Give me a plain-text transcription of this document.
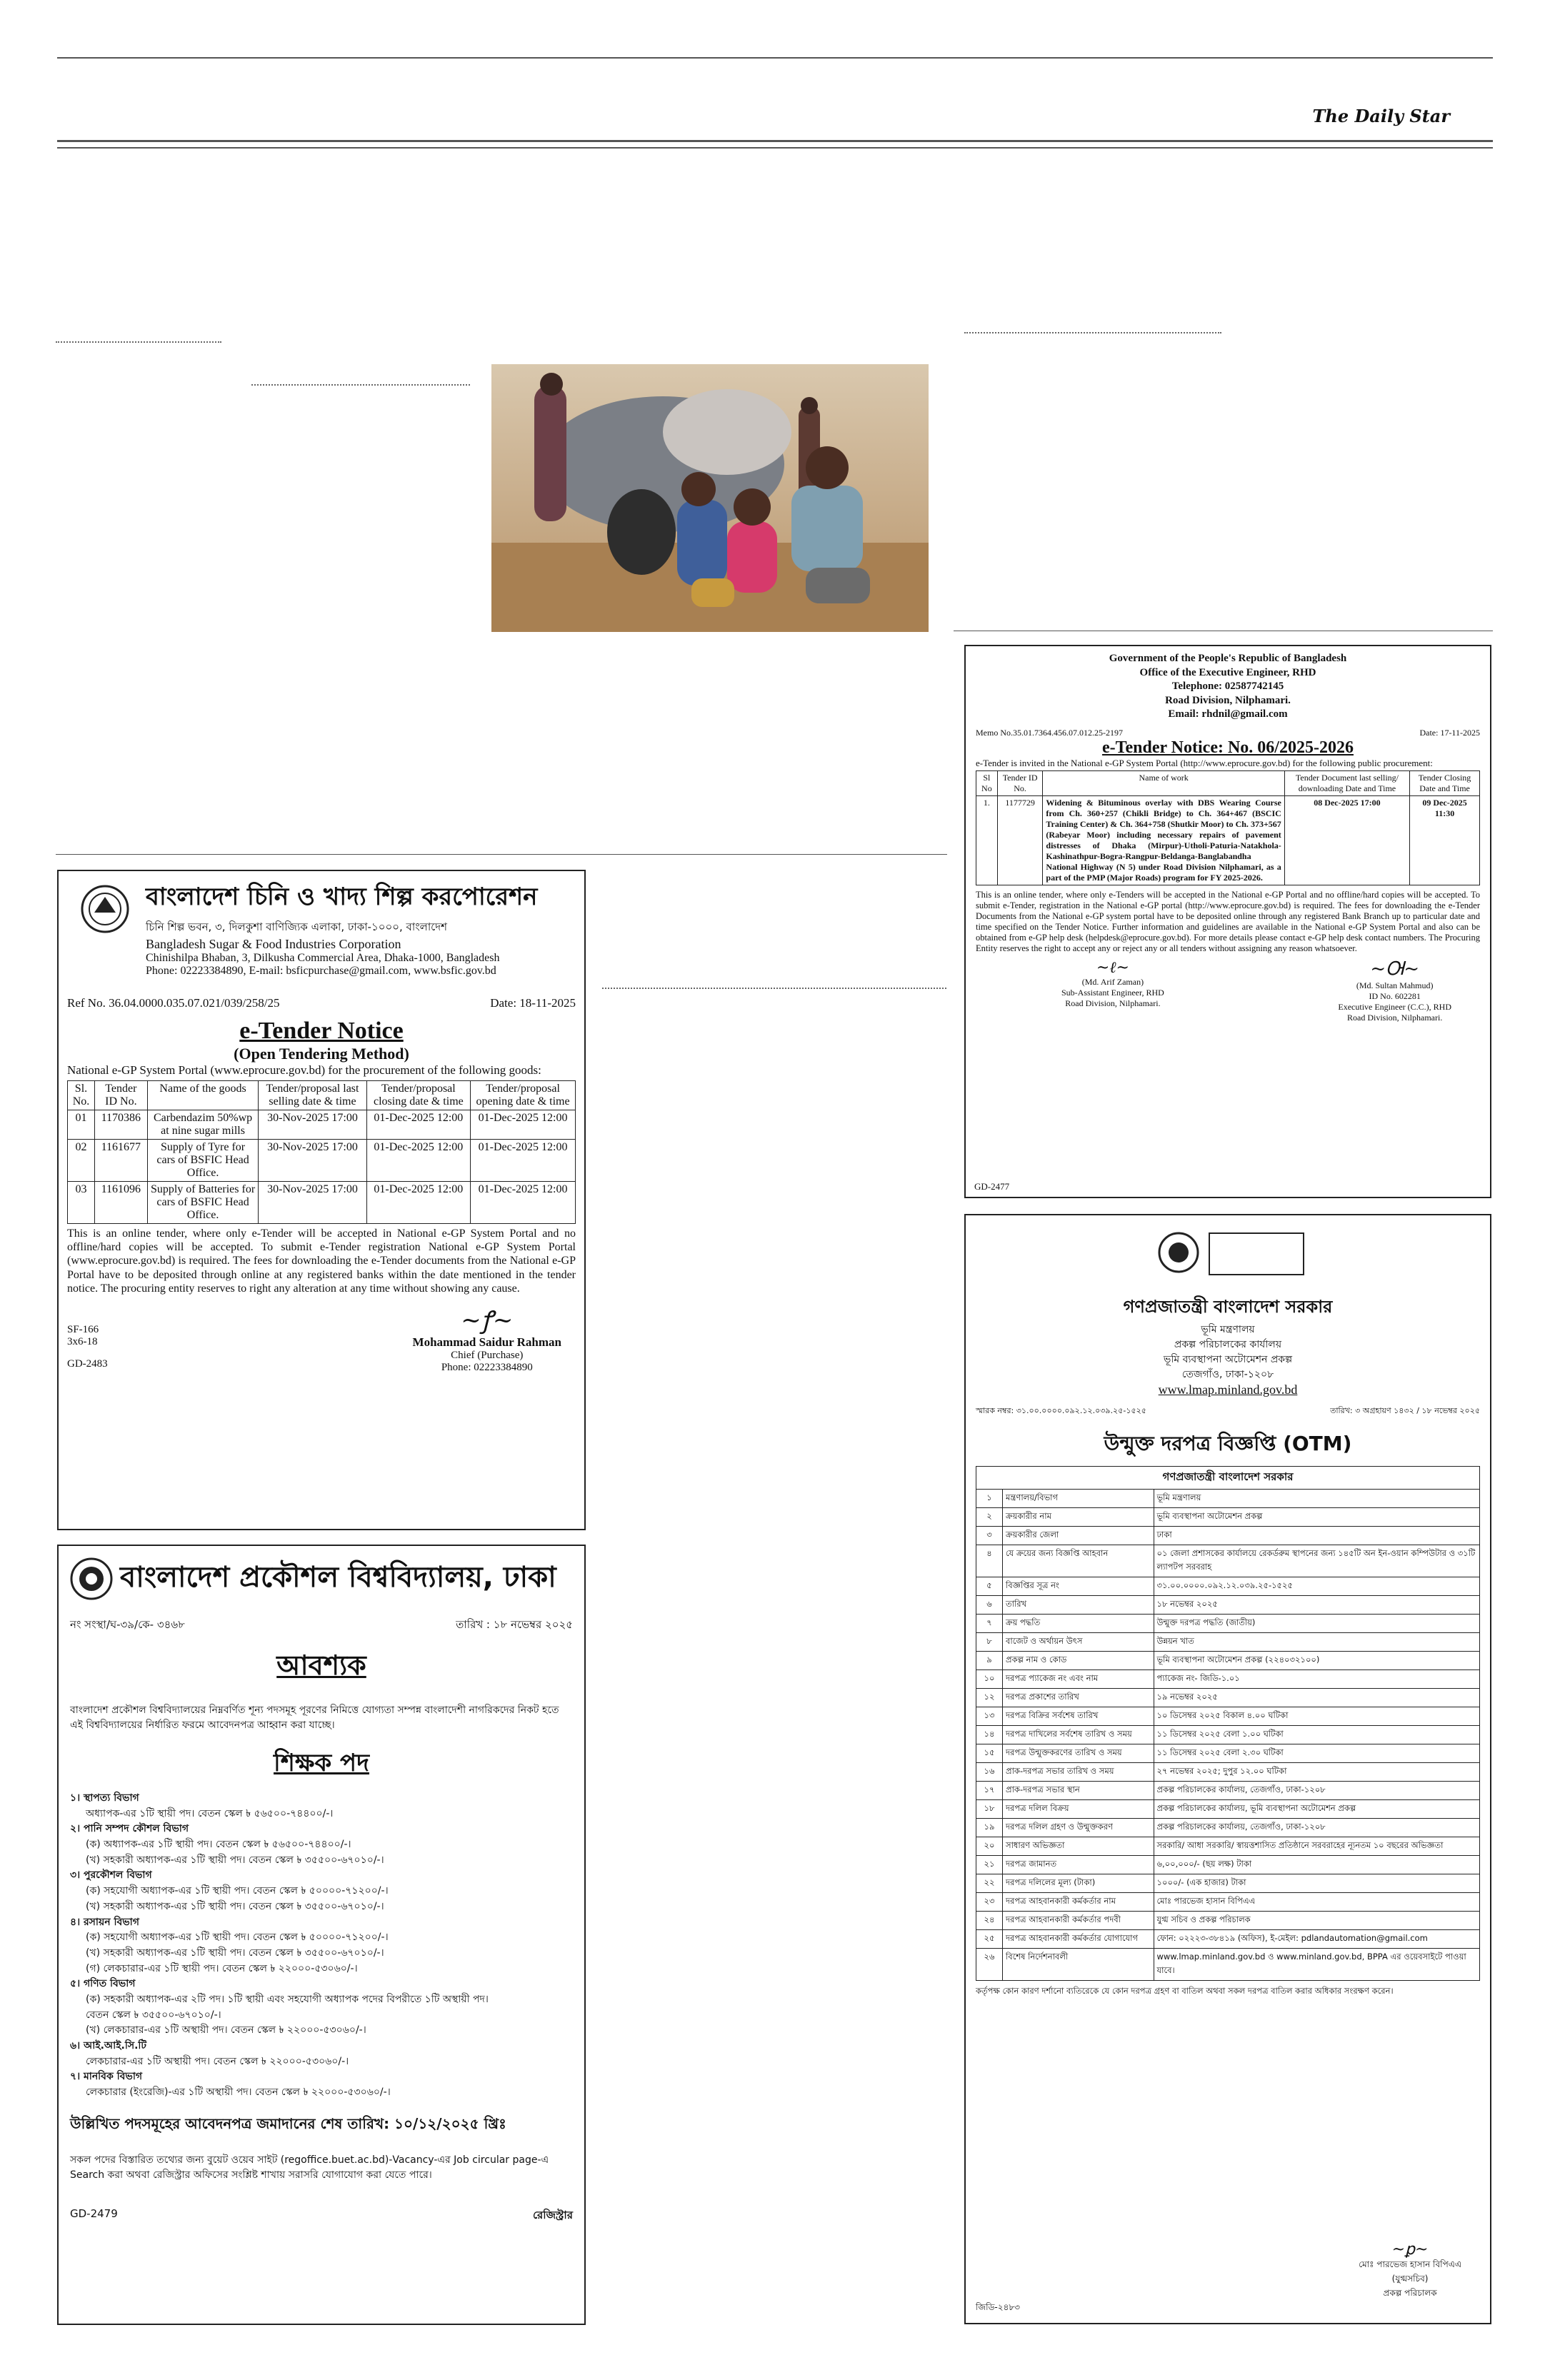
The Daily Star
বাংলাদেশ চিনি ও খাদ্য শিল্প করপোরেশন
চিনি শিল্প ভবন, ৩, দিলকুশা বাণিজ্যিক এলাকা, ঢাকা-১০০০, বাংলাদেশ
Bangladesh Sugar & Food Industries Corporation
Chinishilpa Bhaban, 3, Dilkusha Commercial Area, Dhaka-1000, Bangladesh
Phone: 02223384890, E-mail: bsficpurchase@gmail.com, www.bsfic.gov.bd
Ref No. 36.04.0000.035.07.021/039/258/25	Date: 18-11-2025
e-Tender Notice
(Open Tendering Method)
National e-GP System Portal (www.eprocure.gov.bd) for the procurement of the following goods:
Sl. No.	Tender ID No.	Name of the goods	Tender/proposal last selling date & time	Tender/proposal closing date & time	Tender/proposal opening date & time
01	1170386	Carbendazim 50%wp at nine sugar mills	30-Nov-2025 17:00	01-Dec-2025 12:00	01-Dec-2025 12:00
02	1161677	Supply of Tyre for cars of BSFIC Head Office.	30-Nov-2025 17:00	01-Dec-2025 12:00	01-Dec-2025 12:00
03	1161096	Supply of Batteries for cars of BSFIC Head Office.	30-Nov-2025 17:00	01-Dec-2025 12:00	01-Dec-2025 12:00
This is an online tender, where only e-Tender will be accepted in National e-GP System Portal and no offline/hard copies will be accepted. To submit e-Tender registration National e-GP System Portal (www.eprocure.gov.bd) is required. The fees for downloading the e-Tender documents from the National e-GP Portal have to be deposited through online at any registered banks within the date mentioned in the tender notice. The procuring entity reserves to right any alteration at any time without showing any cause.
SF-166
3x6-18
GD-2483
~ꝭ~
Mohammad Saidur Rahman
Chief (Purchase)
Phone: 02223384890
বাংলাদেশ প্রকৌশল বিশ্ববিদ্যালয়, ঢাকা
নং সংস্থা/ঘ-৩৯/কে- ৩৪৬৮	তারিখ : ১৮ নভেম্বর ২০২৫
আবশ্যক
বাংলাদেশ প্রকৌশল বিশ্ববিদ্যালয়ের নিম্নবর্ণিত শূন্য পদসমূহ পূরণের নিমিত্তে যোগ্যতা সম্পন্ন বাংলাদেশী নাগরিকদের নিকট হতে এই বিশ্ববিদ্যালয়ের নির্ধারিত ফরমে আবেদনপত্র আহ্বান করা যাচ্ছে।
শিক্ষক পদ
১। স্থাপত্য বিভাগ
অধ্যাপক-এর ১টি স্থায়ী পদ। বেতন স্কেল ৳ ৫৬৫০০-৭৪৪০০/-।
২। পানি সম্পদ কৌশল বিভাগ
(ক) অধ্যাপক-এর ১টি স্থায়ী পদ। বেতন স্কেল ৳ ৫৬৫০০-৭৪৪০০/-।
(খ) সহকারী অধ্যাপক-এর ১টি স্থায়ী পদ। বেতন স্কেল ৳ ৩৫৫০০-৬৭০১০/-।
৩। পুরকৌশল বিভাগ
(ক) সহযোগী অধ্যাপক-এর ১টি স্থায়ী পদ। বেতন স্কেল ৳ ৫০০০০-৭১২০০/-।
(খ) সহকারী অধ্যাপক-এর ১টি স্থায়ী পদ। বেতন স্কেল ৳ ৩৫৫০০-৬৭০১০/-।
৪। রসায়ন বিভাগ
(ক) সহযোগী অধ্যাপক-এর ১টি স্থায়ী পদ। বেতন স্কেল ৳ ৫০০০০-৭১২০০/-।
(খ) সহকারী অধ্যাপক-এর ১টি স্থায়ী পদ। বেতন স্কেল ৳ ৩৫৫০০-৬৭০১০/-।
(গ) লেকচারার-এর ১টি স্থায়ী পদ। বেতন স্কেল ৳ ২২০০০-৫৩০৬০/-।
৫। গণিত বিভাগ
(ক) সহকারী অধ্যাপক-এর ২টি পদ। ১টি স্থায়ী এবং সহযোগী অধ্যাপক পদের বিপরীতে ১টি অস্থায়ী পদ।
বেতন স্কেল ৳ ৩৫৫০০-৬৭০১০/-।
(খ) লেকচারার-এর ১টি অস্থায়ী পদ। বেতন স্কেল ৳ ২২০০০-৫৩০৬০/-।
৬। আই.আই.সি.টি
লেকচারার-এর ১টি অস্থায়ী পদ। বেতন স্কেল ৳ ২২০০০-৫৩০৬০/-।
৭। মানবিক বিভাগ
লেকচারার (ইংরেজি)-এর ১টি অস্থায়ী পদ। বেতন স্কেল ৳ ২২০০০-৫৩০৬০/-।
উল্লিখিত পদসমূহের আবেদনপত্র জমাদানের শেষ তারিখ: ১০/১২/২০২৫ খ্রিঃ
সকল পদের বিস্তারিত তথ্যের জন্য বুয়েট ওয়েব সাইট (regoffice.buet.ac.bd)-Vacancy-এর Job circular page-এ Search করা অথবা রেজিস্ট্রার অফিসের সংশ্লিষ্ট শাখায় সরাসরি যোগাযোগ করা যেতে পারে।
GD-2479	রেজিস্ট্রার
Government of the People's Republic of Bangladesh
Office of the Executive Engineer, RHD
Telephone: 02587742145
Road Division, Nilphamari.
Email: rhdnil@gmail.com
Memo No.35.01.7364.456.07.012.25-2197	Date: 17-11-2025
e-Tender Notice: No. 06/2025-2026
e-Tender is invited in the National e-GP System Portal (http://www.eprocure.gov.bd) for the following public procurement:
Sl No	Tender ID No.	Name of work	Tender Document last selling/ downloading Date and Time	Tender Closing Date and Time
1.	1177729	Widening & Bituminous overlay with DBS Wearing Course from Ch. 360+257 (Chikli Bridge) to Ch. 364+467 (BSCIC Training Center) & Ch. 364+758 (Shutkir Moor) to Ch. 373+567 (Rabeyar Moor) including necessary repairs of pavement distresses of Dhaka (Mirpur)-Utholi-Paturia-Natakhola-Kashinathpur-Bogra-Rangpur-Beldanga-Banglabandha National Highway (N 5) under Road Division Nilphamari, as a part of the PMP (Major Roads) program for FY 2025-2026.	08 Dec-2025 17:00	09 Dec-2025 11:30
This is an online tender, where only e-Tenders will be accepted in the National e-GP Portal and no offline/hard copies will be accepted. To submit e-Tender, registration in the National e-GP portal (http://www.eprocure.gov.bd) is required. The fees for downloading the e-Tender Documents from the National e-GP system portal have to be deposited online through any registered Bank Branch up to particular date and time specified on the Tender Notice. Further information and guidelines are available in the National e-GP System Portal and also can be obtained from e-GP help desk (helpdesk@eprocure.gov.bd). For more details please contact e-GP help desk contact numbers. The Procuring Entity reserves the right to accept any or reject any or all tenders without assigning any reason whatsoever.
~ℓ~
(Md. Arif Zaman)
Sub-Assistant Engineer, RHD
Road Division, Nilphamari.
~Ꮊ~
(Md. Sultan Mahmud)
ID No. 602281
Executive Engineer (C.C.), RHD
Road Division, Nilphamari.
GD-2477
গণপ্রজাতন্ত্রী বাংলাদেশ সরকার
ভূমি মন্ত্রণালয়
প্রকল্প পরিচালকের কার্যালয়
ভূমি ব্যবস্থাপনা অটোমেশন প্রকল্প
তেজগাঁও, ঢাকা-১২০৮
www.lmap.minland.gov.bd
স্মারক নম্বর: ৩১.০০.০০০০.০৯২.১২.০৩৯.২৫-১৫২৫	তারিখ: ৩ অগ্রহায়ণ ১৪৩২ / ১৮ নভেম্বর ২০২৫
উন্মুক্ত দরপত্র বিজ্ঞপ্তি (OTM)
গণপ্রজাতন্ত্রী বাংলাদেশ সরকার		
১	মন্ত্রণালয়/বিভাগ	ভূমি মন্ত্রণালয়
২	ক্রয়কারীর নাম	ভূমি ব্যবস্থাপনা অটোমেশন প্রকল্প
৩	ক্রয়কারীর জেলা	ঢাকা
৪	যে ক্রয়ের জন্য বিজ্ঞপ্তি আহবান	০১ জেলা প্রশাসকের কার্যালয়ে রেকর্ডরুম স্থাপনের জন্য ১৪৫টি অন ইন-ওয়ান কম্পিউটার ও ৩১টি ল্যাপটপ সরবরাহ
৫	বিজ্ঞপ্তির সূত্র নং	৩১.০০.০০০০.০৯২.১২.০৩৯.২৫-১৫২৫
৬	তারিখ	১৮ নভেম্বর ২০২৫
৭	ক্রয় পদ্ধতি	উন্মুক্ত দরপত্র পদ্ধতি (জাতীয়)
৮	বাজেট ও অর্থায়ন উৎস	উন্নয়ন খাত
৯	প্রকল্প নাম ও কোড	ভূমি ব্যবস্থাপনা অটোমেশন প্রকল্প (২২৪০৩২১০০)
১০	দরপত্র প্যাকেজ নং এবং নাম	প্যাকেজ নং- জিডি-১.০১
১২	দরপত্র প্রকাশের তারিখ	১৯ নভেম্বর ২০২৫
১৩	দরপত্র বিক্রির সর্বশেষ তারিখ	১০ ডিসেম্বর ২০২৫ বিকাল ৪.০০ ঘটিকা
১৪	দরপত্র দাখিলের সর্বশেষ তারিখ ও সময়	১১ ডিসেম্বর ২০২৫ বেলা ১.০০ ঘটিকা
১৫	দরপত্র উন্মুক্তকরণের তারিখ ও সময়	১১ ডিসেম্বর ২০২৫ বেলা ২.৩০ ঘটিকা
১৬	প্রাক-দরপত্র সভার তারিখ ও সময়	২৭ নভেম্বর ২০২৫; দুপুর ১২.০০ ঘটিকা
১৭	প্রাক-দরপত্র সভার স্থান	প্রকল্প পরিচালকের কার্যালয়, তেজগাঁও, ঢাকা-১২০৮
১৮	দরপত্র দলিল বিক্রয়	প্রকল্প পরিচালকের কার্যালয়, ভূমি ব্যবস্থাপনা অটোমেশন প্রকল্প
১৯	দরপত্র দলিল গ্রহণ ও উন্মুক্তকরণ	প্রকল্প পরিচালকের কার্যালয়, তেজগাঁও, ঢাকা-১২০৮
২০	সাধারণ অভিজ্ঞতা	সরকারি/ আধা সরকারি/ স্বায়ত্তশাসিত প্রতিষ্ঠানে সরবরাহের ন্যূনতম ১০ বছরের অভিজ্ঞতা
২১	দরপত্র জামানত	৬,০০,০০০/- (ছয় লক্ষ) টাকা
২২	দরপত্র দলিলের মূল্য (টাকা)	১০০০/- (এক হাজার) টাকা
২৩	দরপত্র আহবানকারী কর্মকর্তার নাম	মোঃ পারভেজ হাসান বিপিএএ
২৪	দরপত্র আহবানকারী কর্মকর্তার পদবী	যুগ্ম সচিব ও প্রকল্প পরিচালক
২৫	দরপত্র আহবানকারী কর্মকর্তার যোগাযোগ	ফোন: ০২২২৩-৩৮৪১৯ (অফিস), ই-মেইল: pdlandautomation@gmail.com
২৬	বিশেষ নির্দেশনাবলী	www.lmap.minland.gov.bd ও www.minland.gov.bd, BPPA এর ওয়েবসাইটে পাওয়া যাবে।
কর্তৃপক্ষ কোন কারণ দর্শানো ব্যতিরেকে যে কোন দরপত্র গ্রহণ বা বাতিল অথবা সকল দরপত্র বাতিল করার অধিকার সংরক্ষণ করেন।
~ꝑ~
মোঃ পারভেজ হাসান বিপিএএ
(যুগ্মসচিব)
প্রকল্প পরিচালক
জিডি-২৪৮৩
